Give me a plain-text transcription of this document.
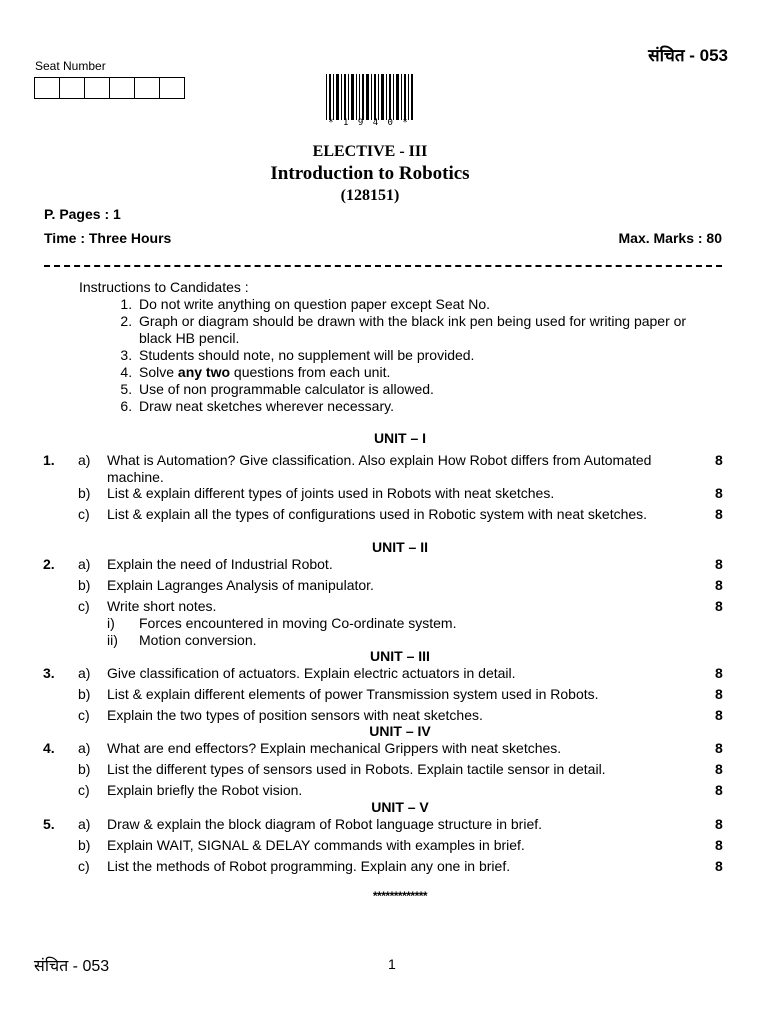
Seat Number
संचित - 053
* 1 9 4 0 *
ELECTIVE - III
Introduction to Robotics
(128151)
P. Pages : 1
Time : Three Hours	Max. Marks : 80
Instructions to Candidates :
1. Do not write anything on question paper except Seat No.
2. Graph or diagram should be drawn with the black ink pen being used for writing paper or black HB pencil.
3. Students should note, no supplement will be provided.
4. Solve any two questions from each unit.
5. Use of non programmable calculator is allowed.
6. Draw neat sketches wherever necessary.
UNIT – I
1. a) What is Automation? Give classification. Also explain How Robot differs from Automated machine.
8
b) List & explain different types of joints used in Robots with neat sketches.	8
c) List & explain all the types of configurations used in Robotic system with neat sketches.	8
UNIT – II
2. a) Explain the need of Industrial Robot.	8
b) Explain Lagranges Analysis of manipulator.	8
c) Write short notes.	8
i) Forces encountered in moving Co-ordinate system.
ii) Motion conversion.
UNIT – III
3. a) Give classification of actuators. Explain electric actuators in detail.	8
b) List & explain different elements of power Transmission system used in Robots.	8
c) Explain the two types of position sensors with neat sketches.	8
UNIT – IV
4. a) What are end effectors? Explain mechanical Grippers with neat sketches.	8
b) List the different types of sensors used in Robots. Explain tactile sensor in detail.	8
c) Explain briefly the Robot vision.	8
UNIT – V
5. a) Draw & explain the block diagram of Robot language structure in brief.	8
b) Explain WAIT, SIGNAL & DELAY commands with examples in brief.	8
c) List the methods of Robot programming. Explain any one in brief.	8
*************
संचित - 053	1
